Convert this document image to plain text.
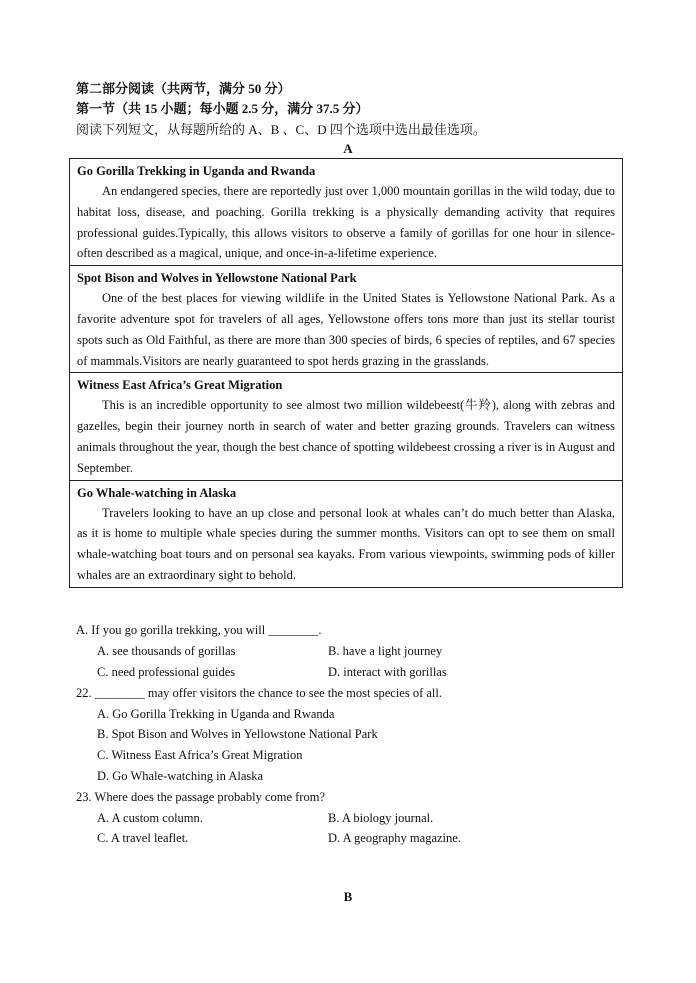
第二部分阅读（共两节，满分 50 分）
第一节（共 15 小题；每小题 2.5 分，满分 37.5 分）
阅读下列短文，从每题所给的 A、B 、C、D 四个选项中选出最佳选项。
A
Go Gorilla Trekking in Uganda and Rwanda
An endangered species, there are reportedly just over 1,000 mountain gorillas in the wild today, due to habitat loss, disease, and poaching. Gorilla trekking is a physically demanding activity that requires professional guides.Typically, this allows visitors to observe a family of gorillas for one hour in silence-often described as a magical, unique, and once-in-a-lifetime experience.
Spot Bison and Wolves in Yellowstone National Park
One of the best places for viewing wildlife in the United States is Yellowstone National Park. As a favorite adventure spot for travelers of all ages, Yellowstone offers tons more than just its stellar tourist spots such as Old Faithful, as there are more than 300 species of birds, 6 species of reptiles, and 67 species of mammals.Visitors are nearly guaranteed to spot herds grazing in the grasslands.
Witness East Africa’s Great Migration
This is an incredible opportunity to see almost two million wildebeest(牛羚), along with zebras and gazelles, begin their journey north in search of water and better grazing grounds. Travelers can witness animals throughout the year, though the best chance of spotting wildebeest crossing a river is in August and September.
Go Whale-watching in Alaska
Travelers looking to have an up close and personal look at whales can’t do much better than Alaska, as it is home to multiple whale species during the summer months. Visitors can opt to see them on small whale-watching boat tours and on personal sea kayaks. From various viewpoints, swimming pods of killer whales are an extraordinary sight to behold.
A. If you go gorilla trekking, you will ________.
A. see thousands of gorillas	B. have a light journey
C. need professional guides	D. interact with gorillas
22. ________ may offer visitors the chance to see the most species of all.
A. Go Gorilla Trekking in Uganda and Rwanda
B. Spot Bison and Wolves in Yellowstone National Park
C. Witness East Africa’s Great Migration
D. Go Whale-watching in Alaska
23. Where does the passage probably come from?
A. A custom column.	B. A biology journal.
C. A travel leaflet.	D. A geography magazine.
B
